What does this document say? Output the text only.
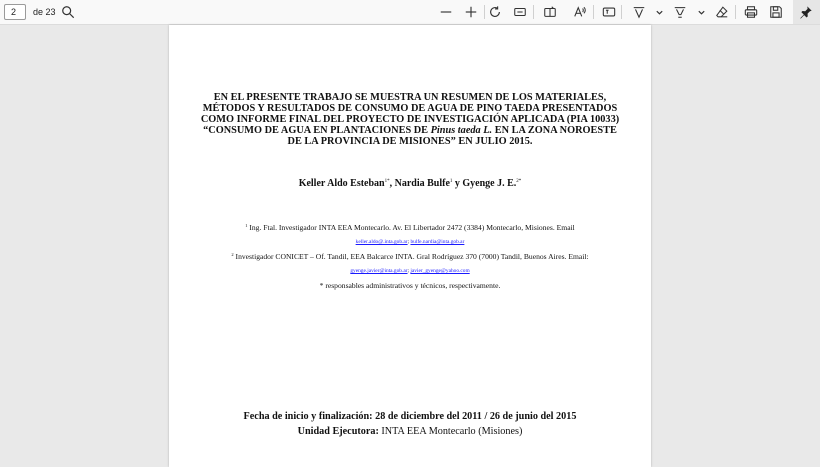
2
de 23
EN EL PRESENTE TRABAJO SE MUESTRA UN RESUMEN DE LOS MATERIALES,
MÉTODOS Y RESULTADOS DE CONSUMO DE AGUA DE PINO TAEDA PRESENTADOS
COMO INFORME FINAL DEL PROYECTO DE INVESTIGACIÓN APLICADA (PIA 10033)
“CONSUMO DE AGUA EN PLANTACIONES DE Pinus taeda L. EN LA ZONA NOROESTE
DE LA PROVINCIA DE MISIONES” EN JULIO 2015.
Keller Aldo Esteban$^{1*}$, Nardia Bulfe$^1$ y Gyenge J. E.$^{2*}$
$^1$ Ing. Ftal. Investigador INTA EEA Montecarlo. Av. El Libertador 2472 (3384) Montecarlo, Misiones. Email
keller.aldo@.inta.gob.ar; bulfe.nardia@inta.gob.ar
$^2$ Investigador CONICET – Of. Tandil, EEA Balcarce INTA. Gral Rodríguez 370 (7000) Tandil, Buenos Aires. Email:
gyenge.javier@inta.gob.ar; javier_gyenge@yahoo.com
* responsables administrativos y técnicos, respectivamente.
Fecha de inicio y finalización: 28 de diciembre del 2011 / 26 de junio del 2015
Unidad Ejecutora: INTA EEA Montecarlo (Misiones)
